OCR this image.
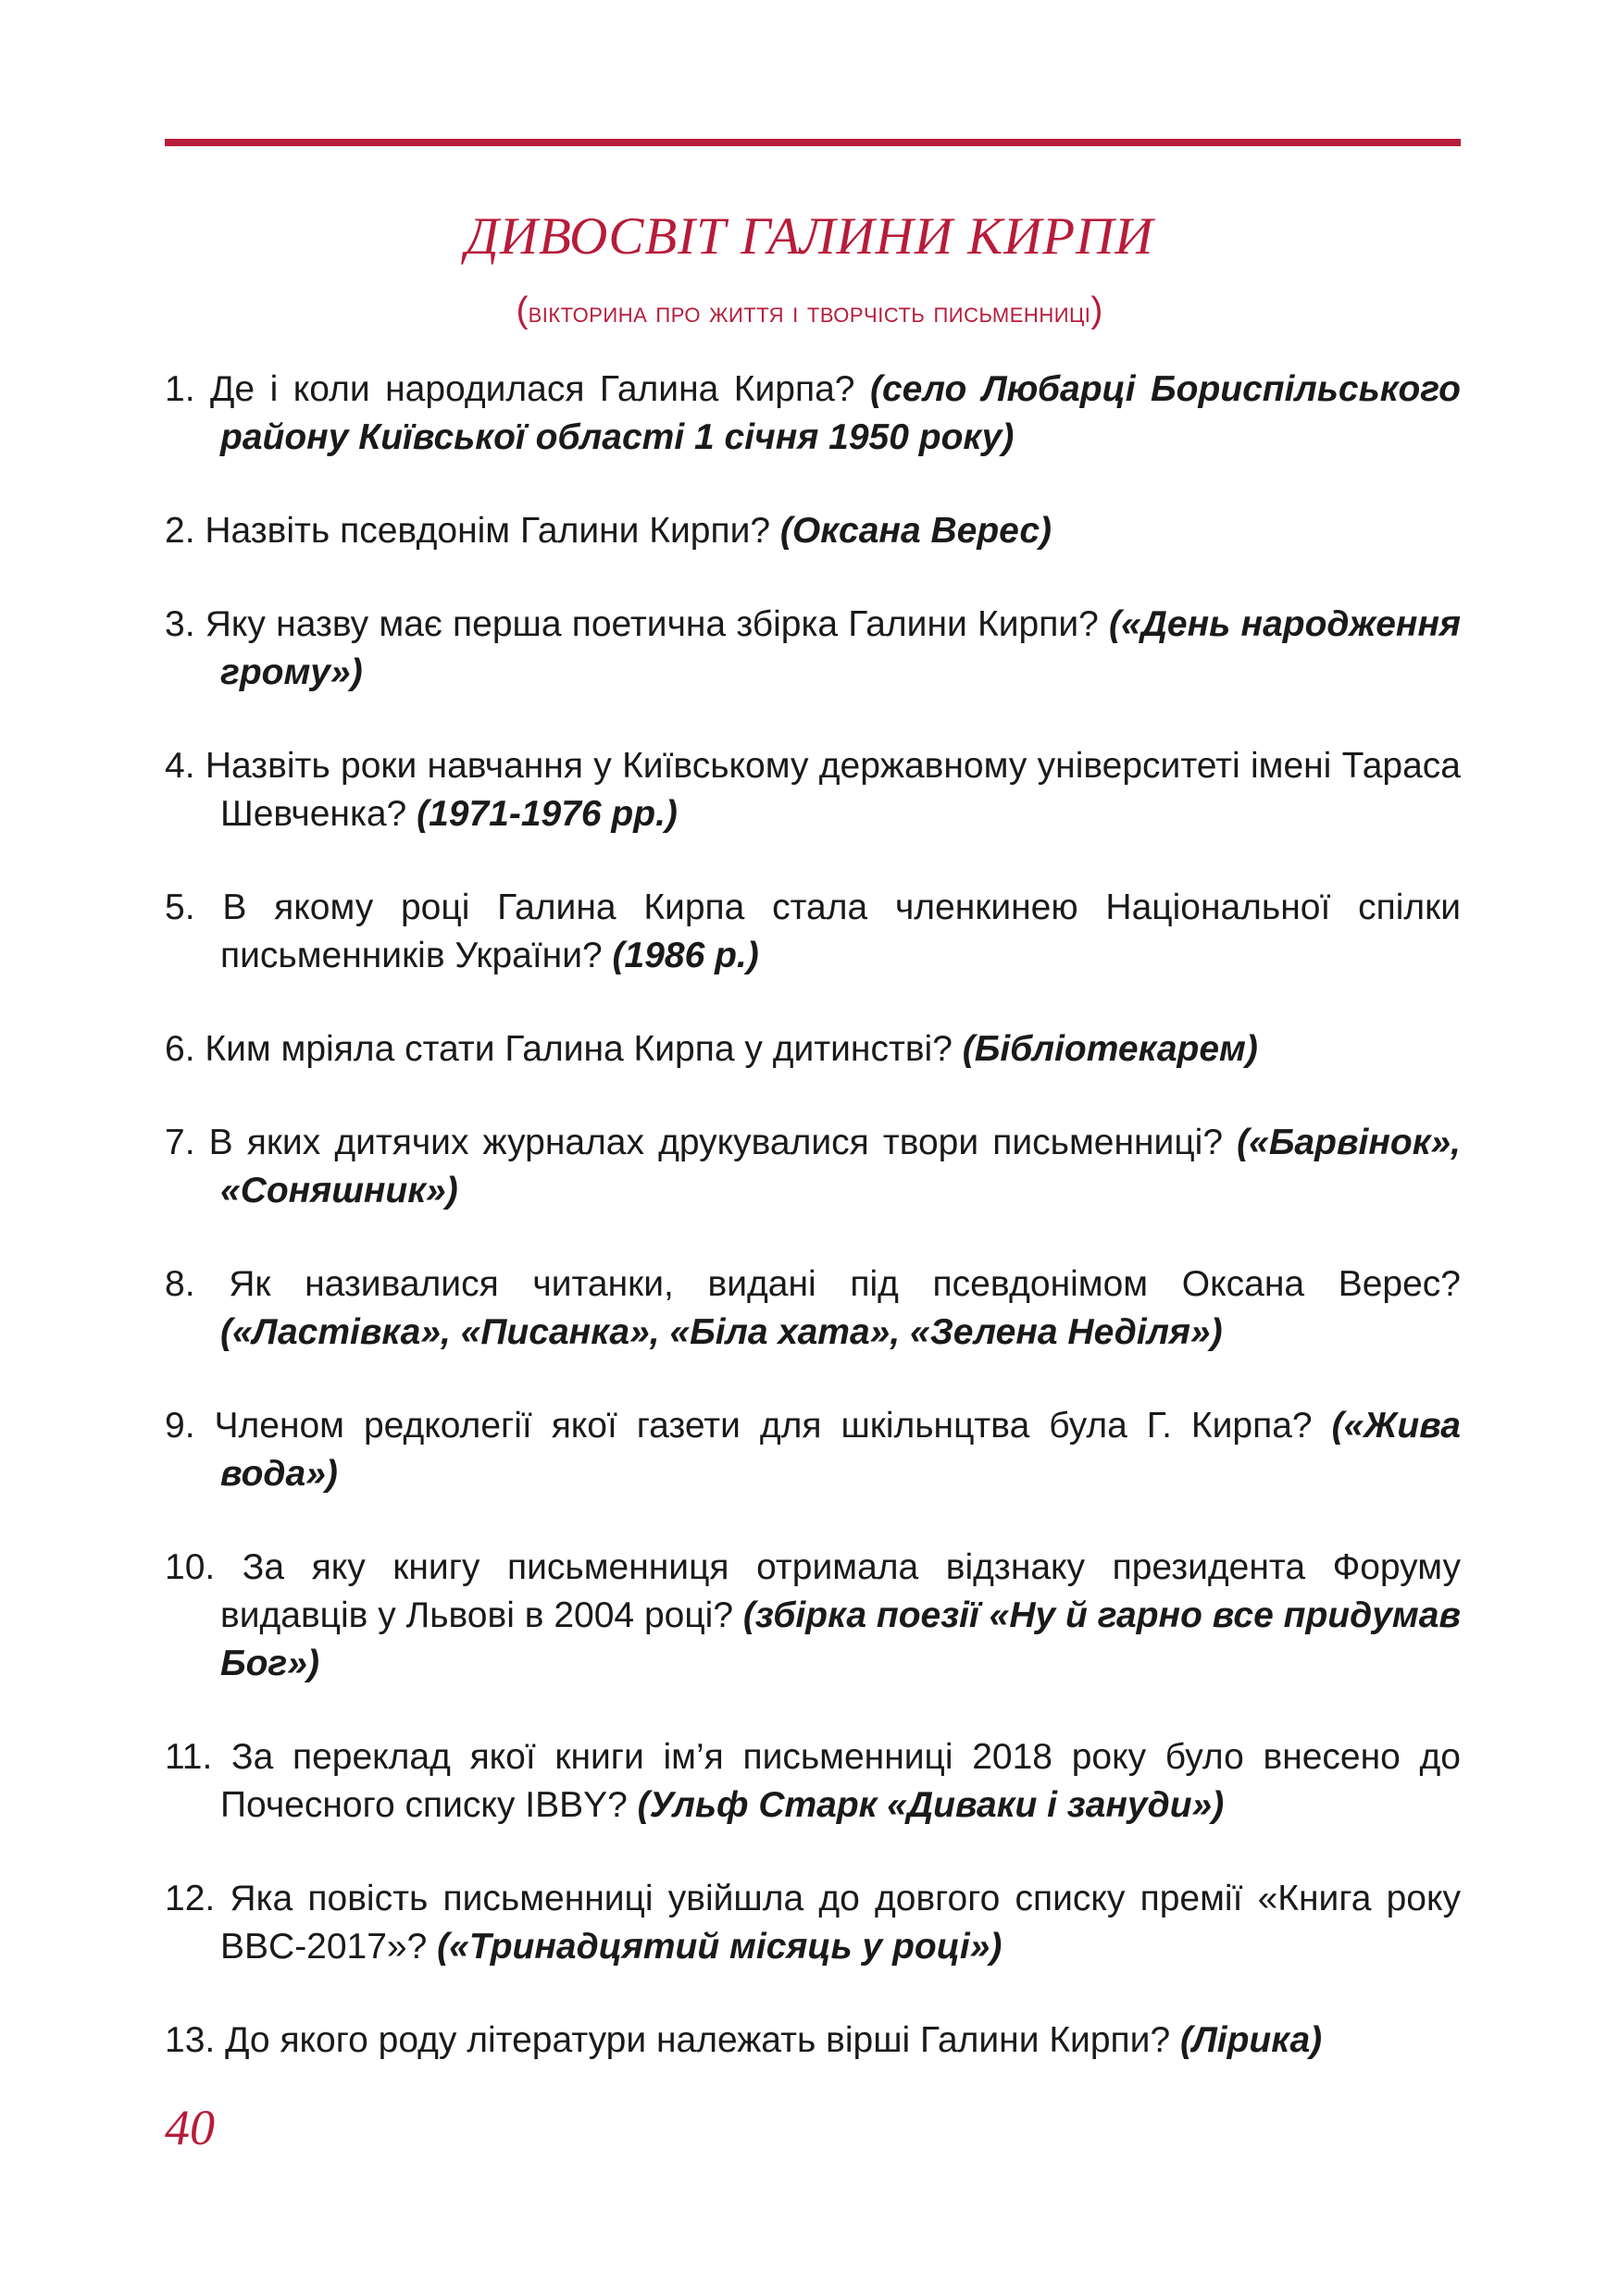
ДИВОСВІТ ГАЛИНИ КИРПИ
(вікторина про життя і творчість письменниці)
1. Де і коли народилася Галина Кирпа? (село Любарці Бориспільського району Київської області 1 січня 1950 року)
2. Назвіть псевдонім Галини Кирпи? (Оксана Верес)
3. Яку назву має перша поетична збірка Галини Кирпи? («День народження грому»)
4. Назвіть роки навчання у Київському державному університеті імені Тараса Шевченка? (1971-1976 рр.)
5. В якому році Галина Кирпа стала членкинею Національної спілки письменників України? (1986 р.)
6. Ким мріяла стати Галина Кирпа у дитинстві? (Бібліотекарем)
7. В яких дитячих журналах друкувалися твори письменниці? («Барвінок», «Соняшник»)
8. Як називалися читанки, видані під псевдонімом Оксана Верес? («Ластівка», «Писанка», «Біла хата», «Зелена Неділя»)
9. Членом редколегії якої газети для шкільнцтва була Г. Кирпа? («Жива вода»)
10. За яку книгу письменниця отримала відзнаку президента Форуму видавців у Львові в 2004 році? (збірка поезії «Ну й гарно все придумав Бог»)
11. За переклад якої книги ім’я письменниці 2018 року було внесено до Почесного списку IBBY? (Ульф Старк «Диваки і зануди»)
12. Яка повість письменниці увійшла до довгого списку премії «Книга року BBC-2017»? («Тринадцятий місяць у році»)
13. До якого роду літератури належать вірші Галини Кирпи? (Лірика)
40
